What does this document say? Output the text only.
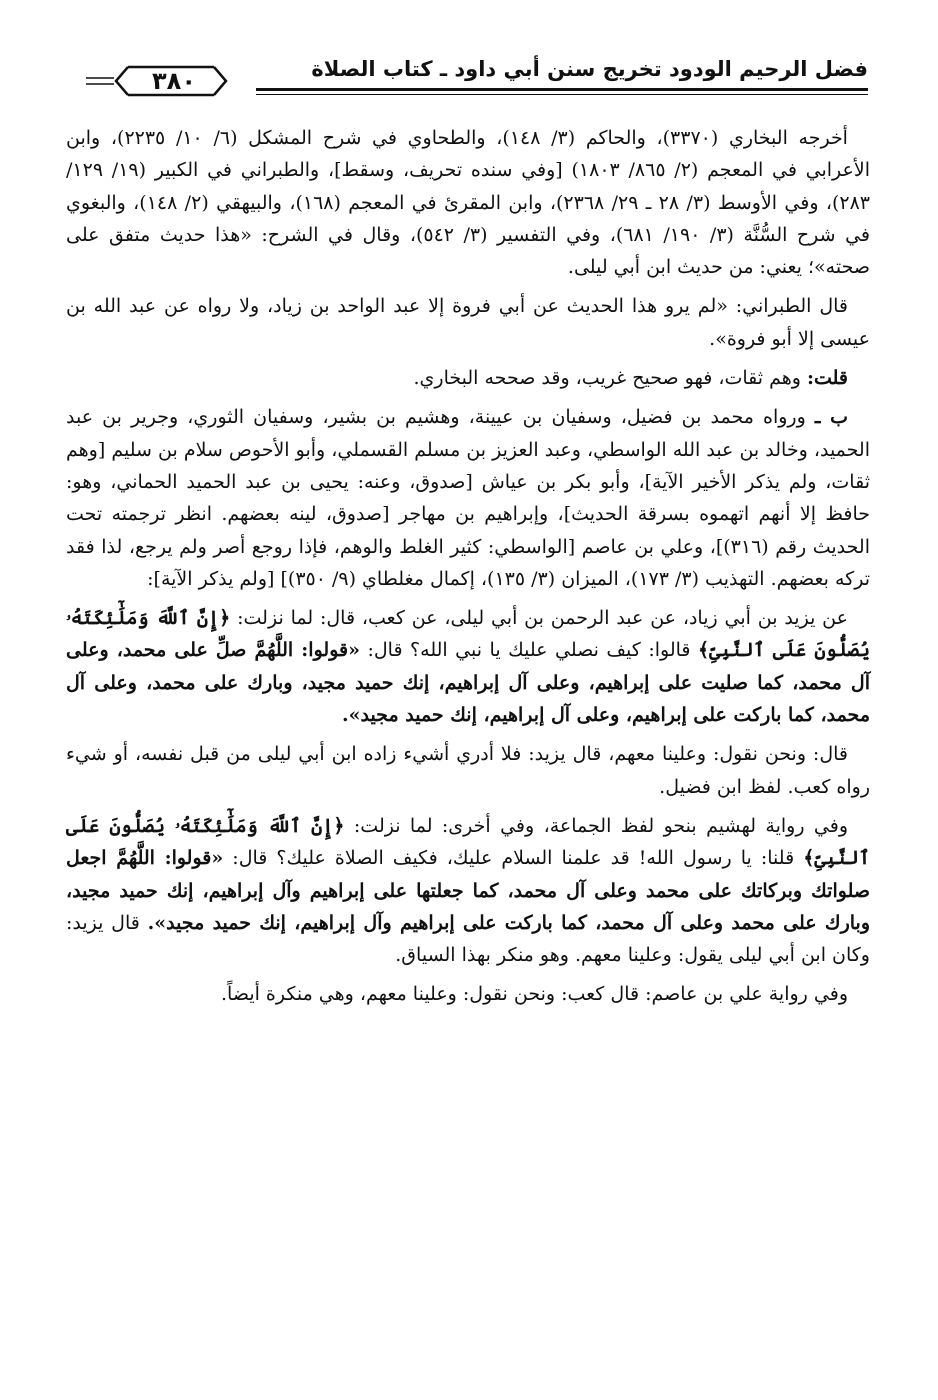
فضل الرحيم الودود تخريج سنن أبي داود ـ كتاب الصلاة
٣٨٠

أخرجه البخاري (٣٣٧٠)، والحاكم (٣/ ١٤٨)، والطحاوي في شرح المشكل (٦/ ١٠/ ٢٢٣٥)، وابن الأعرابي في المعجم (٢/ ٨٦٥/ ١٨٠٣) [وفي سنده تحريف، وسقط]، والطبراني في الكبير (١٩/ ١٢٩/ ٢٨٣)، وفي الأوسط (٣/ ٢٨ ـ ٢٩/ ٢٣٦٨)، وابن المقرئ في المعجم (١٦٨)، والبيهقي (٢/ ١٤٨)، والبغوي في شرح السُّنَّة (٣/ ١٩٠/ ٦٨١)، وفي التفسير (٣/ ٥٤٢)، وقال في الشرح: «هذا حديث متفق على صحته»؛ يعني: من حديث ابن أبي ليلى.

قال الطبراني: «لم يرو هذا الحديث عن أبي فروة إلا عبد الواحد بن زياد، ولا رواه عن عبد الله بن عيسى إلا أبو فروة».

قلت: وهم ثقات، فهو صحيح غريب، وقد صححه البخاري.

ب ـ ورواه محمد بن فضيل، وسفيان بن عيينة، وهشيم بن بشير، وسفيان الثوري، وجرير بن عبد الحميد، وخالد بن عبد الله الواسطي، وعبد العزيز بن مسلم القسملي، وأبو الأحوص سلام بن سليم [وهم ثقات، ولم يذكر الأخير الآية]، وأبو بكر بن عياش [صدوق، وعنه: يحيى بن عبد الحميد الحماني، وهو: حافظ إلا أنهم اتهموه بسرقة الحديث]، وإبراهيم بن مهاجر [صدوق، لينه بعضهم. انظر ترجمته تحت الحديث رقم (٣١٦)]، وعلي بن عاصم [الواسطي: كثير الغلط والوهم، فإذا روجع أصر ولم يرجع، لذا فقد تركه بعضهم. التهذيب (٣/ ١٧٣)، الميزان (٣/ ١٣٥)، إكمال مغلطاي (٩/ ٣٥٠)] [ولم يذكر الآية]:

عن يزيد بن أبي زياد، عن عبد الرحمن بن أبي ليلى، عن كعب، قال: لما نزلت: ﴿إِنَّ ٱللَّهَ وَمَلَٰٓئِكَتَهُۥ يُصَلُّونَ عَلَى ٱلنَّبِىِّ﴾ قالوا: كيف نصلي عليك يا نبي الله؟ قال: «قولوا: اللَّهُمَّ صلِّ على محمد، وعلى آل محمد، كما صليت على إبراهيم، وعلى آل إبراهيم، إنك حميد مجيد، وبارك على محمد، وعلى آل محمد، كما باركت على إبراهيم، وعلى آل إبراهيم، إنك حميد مجيد».

قال: ونحن نقول: وعلينا معهم، قال يزيد: فلا أدري أشيء زاده ابن أبي ليلى من قبل نفسه، أو شيء رواه كعب. لفظ ابن فضيل.

وفي رواية لهشيم بنحو لفظ الجماعة، وفي أخرى: لما نزلت: ﴿إِنَّ ٱللَّهَ وَمَلَٰٓئِكَتَهُۥ يُصَلُّونَ عَلَى ٱلنَّبِىِّ﴾ قلنا: يا رسول الله! قد علمنا السلام عليك، فكيف الصلاة عليك؟ قال: «قولوا: اللَّهُمَّ اجعل صلواتك وبركاتك على محمد وعلى آل محمد، كما جعلتها على إبراهيم وآل إبراهيم، إنك حميد مجيد، وبارك على محمد وعلى آل محمد، كما باركت على إبراهيم وآل إبراهيم، إنك حميد مجيد». قال يزيد: وكان ابن أبي ليلى يقول: وعلينا معهم. وهو منكر بهذا السياق.

وفي رواية علي بن عاصم: قال كعب: ونحن نقول: وعلينا معهم، وهي منكرة أيضاً.
